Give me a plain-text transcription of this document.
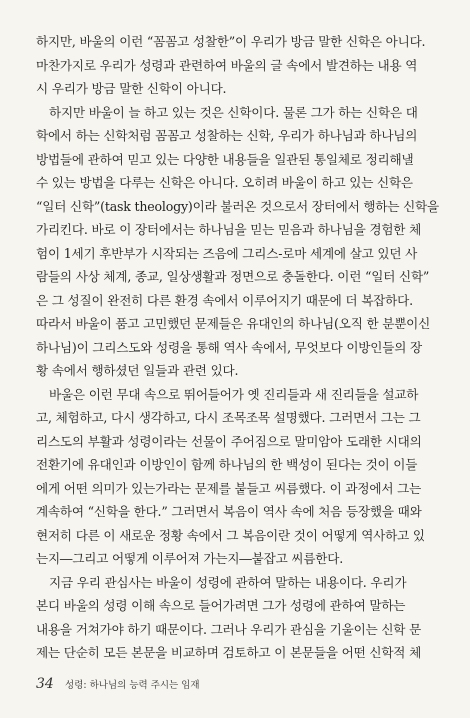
하지만, 바울의 이런 “꼼꼼고 성찰한”이 우리가 방금 말한 신학은 아니다.
마찬가지로 우리가 성령과 관련하여 바울의 글 속에서 발견하는 내용 역
시 우리가 방금 말한 신학이 아니다.

하지만 바울이 늘 하고 있는 것은 신학이다. 물론 그가 하는 신학은 대
학에서 하는 신학처럼 꼼꼼고 성찰하는 신학, 우리가 하나님과 하나님의
방법들에 관하여 믿고 있는 다양한 내용들을 일관된 통일체로 정리해낼
수 있는 방법을 다루는 신학은 아니다. 오히려 바울이 하고 있는 신학은
“일터 신학”(task theology)이라 불러온 것으로서 장터에서 행하는 신학을
가리킨다. 바로 이 장터에서는 하나님을 믿는 믿음과 하나님을 경험한 체
험이 1세기 후반부가 시작되는 즈음에 그리스-로마 세계에 살고 있던 사
람들의 사상 체계, 종교, 일상생활과 정면으로 충돌한다. 이런 “일터 신학”
은 그 성질이 완전히 다른 환경 속에서 이루어지기 때문에 더 복잡하다.
따라서 바울이 품고 고민했던 문제들은 유대인의 하나님(오직 한 분뿐이신
하나님)이 그리스도와 성령을 통해 역사 속에서, 무엇보다 이방인들의 장
황 속에서 행하셨던 일들과 관련 있다.

바울은 이런 무대 속으로 뛰어들어가 옛 진리들과 새 진리들을 설교하
고, 체험하고, 다시 생각하고, 다시 조목조목 설명했다. 그러면서 그는 그
리스도의 부활과 성령이라는 선물이 주어짐으로 말미암아 도래한 시대의
전환기에 유대인과 이방인이 함께 하나님의 한 백성이 된다는 것이 이들
에게 어떤 의미가 있는가라는 문제를 붙들고 씨름했다. 이 과정에서 그는
계속하여 “신학을 한다.” 그러면서 복음이 역사 속에 처음 등장했을 때와
현저히 다른 이 새로운 정황 속에서 그 복음이란 것이 어떻게 역사하고 있
는지―그리고 어떻게 이루어져 가는지―붙잡고 씨름한다.

지금 우리 관심사는 바울이 성령에 관하여 말하는 내용이다. 우리가
본디 바울의 성령 이해 속으로 들어가려면 그가 성령에 관하여 말하는
내용을 거쳐가야 하기 때문이다. 그러나 우리가 관심을 기울이는 신학 문
제는 단순히 모든 본문을 비교하며 검토하고 이 본문들을 어떤 신학적 체

34 성령: 하나님의 능력 주시는 임재
